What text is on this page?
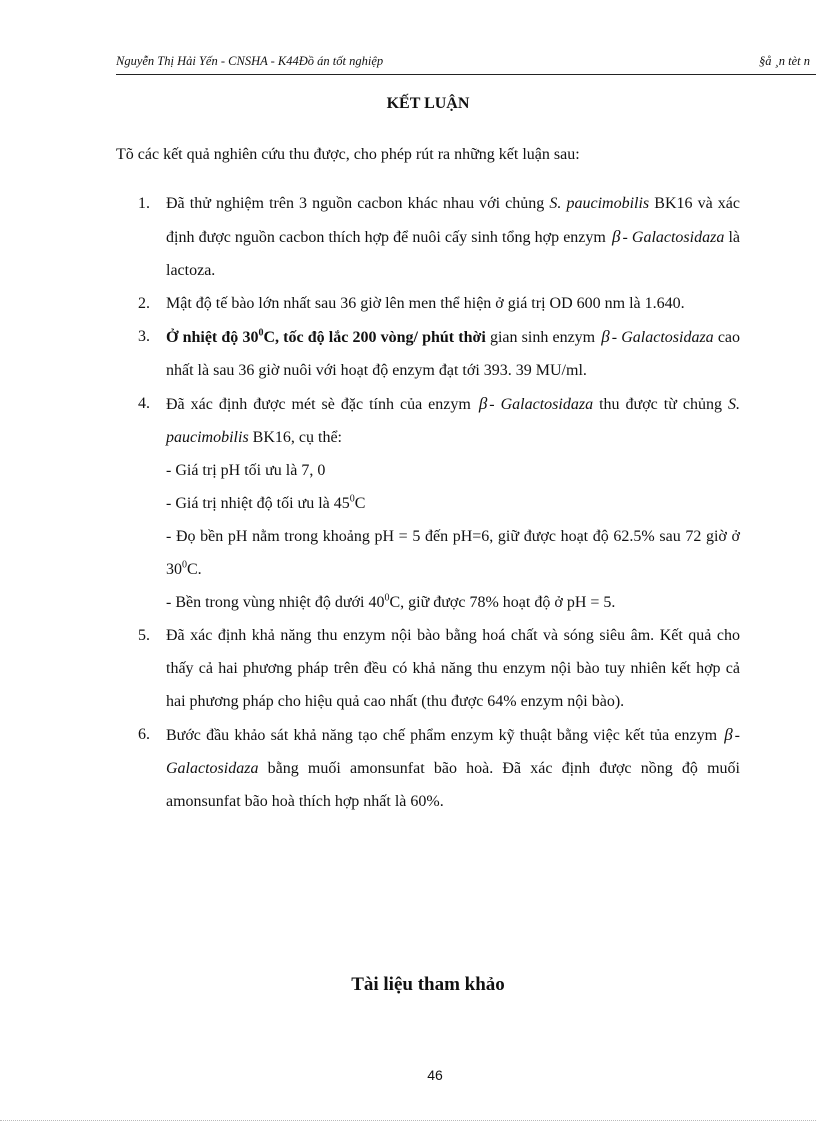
Nguyễn Thị Hải Yến - CNSHA - K44Đồ án tốt nghiệp	§å ¸n tèt n
KẾT LUẬN
Tõ các kết quả nghiên cứu thu được, cho phép rút ra những kết luận sau:
1. Đã thử nghiệm trên 3 nguồn cacbon khác nhau với chủng S. paucimobilis BK16 và xác định được nguồn cacbon thích hợp để nuôi cấy sinh tổng hợp enzym β - Galactosidaza là lactoza.
2. Mật độ tế bào lớn nhất sau 36 giờ lên men thể hiện ở giá trị OD 600 nm là 1.640.
3. Ở nhiệt độ $30^0C$, tốc độ lắc 200 vòng/ phút thời gian sinh enzym β - Galactosidaza cao nhất là sau 36 giờ nuôi với hoạt độ enzym đạt tới 393. 39 MU/ml.
4. Đã xác định được mét sè đặc tính của enzym β - Galactosidaza thu được từ chủng S. paucimobilis BK16, cụ thể:
- Giá trị pH tối ưu là 7, 0
- Giá trị nhiệt độ tối ưu là $45^0C$
- Đọ bền pH nằm trong khoảng pH = 5 đến pH=6, giữ được hoạt độ 62.5% sau 72 giờ ở $30^0C$.
- Bền trong vùng nhiệt độ dưới $40^0C$, giữ được 78% hoạt độ ở pH = 5.
5. Đã xác định khả năng thu enzym nội bào bằng hoá chất và sóng siêu âm. Kết quả cho thấy cả hai phương pháp trên đều có khả năng thu enzym nội bào tuy nhiên kết hợp cả hai phương pháp cho hiệu quả cao nhất (thu được 64% enzym nội bào).
6. Bước đầu khảo sát khả năng tạo chế phẩm enzym kỹ thuật bằng việc kết tủa enzym β - Galactosidaza bằng muối amonsunfat bão hoà. Đã xác định được nồng độ muối amonsunfat bão hoà thích hợp nhất là 60%.
Tài liệu tham khảo
46
